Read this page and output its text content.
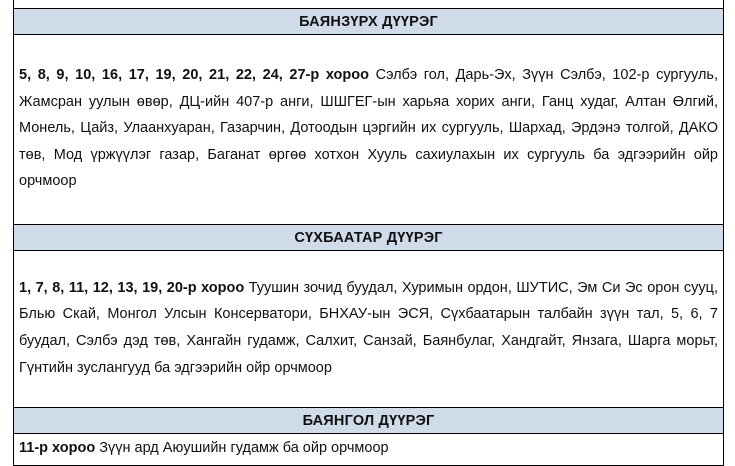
БАЯНЗҮРХ ДҮҮРЭГ
5, 8, 9, 10, 16, 17, 19, 20, 21, 22, 24, 27-р хороо Сэлбэ гол, Дарь-Эх, Зүүн Сэлбэ, 102-р сургууль, Жамсран уулын өвөр, ДЦ-ийн 407-р анги, ШШГЕГ-ын харьяа хорих анги, Ганц худаг, Алтан Өлгий, Монель, Цайз, Улаанхуаран, Газарчин, Дотоодын цэргийн их сургууль, Шархад, Эрдэнэ толгой, ДАКО төв, Мод үржүүлэг газар, Баганат өргөө хотхон Хууль сахиулахын их сургууль ба эдгээрийн ойр орчмоор
СҮХБААТАР ДҮҮРЭГ
1, 7, 8, 11, 12, 13, 19, 20-р хороо Туушин зочид буудал, Хуримын ордон, ШУТИС, Эм Си Эс орон сууц, Блью Скай, Монгол Улсын Консерватори, БНХАУ-ын ЭСЯ, Сүхбаатарын талбайн зүүн тал, 5, 6, 7 буудал, Сэлбэ дэд төв, Хангайн гудамж, Салхит, Санзай, Баянбулаг, Хандгайт, Янзага, Шарга морьт, Гүнтийн зуслангууд ба эдгээрийн ойр орчмоор
БАЯНГОЛ ДҮҮРЭГ
11-р хороо Зүүн ард Аюушийн гудамж ба ойр орчмоор
